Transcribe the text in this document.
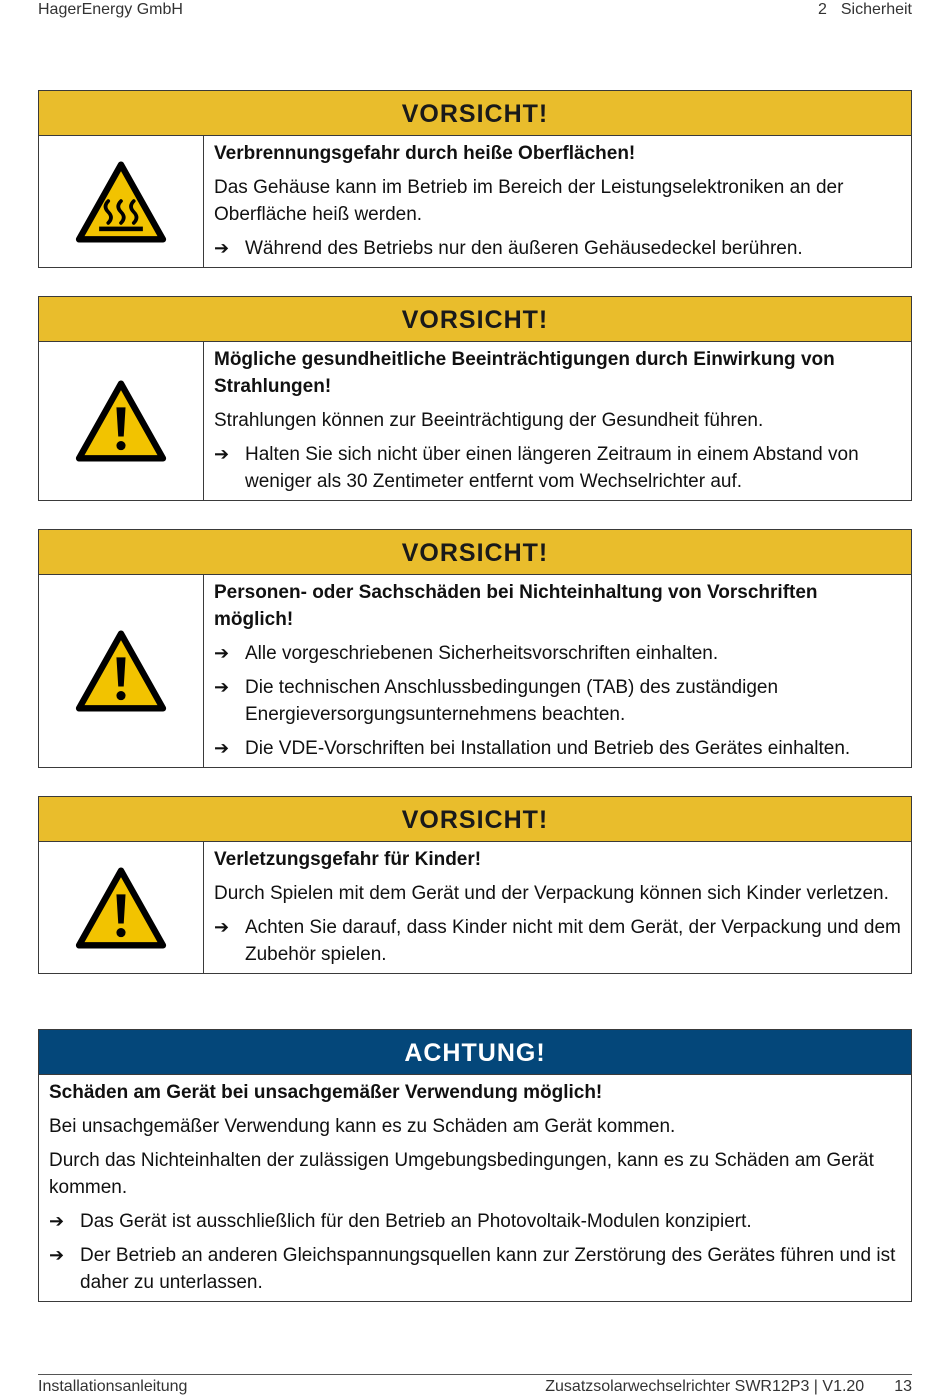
HagerEnergy GmbH	2 Sicherheit
VORSICHT!
Verbrennungsgefahr durch heiße Oberflächen!
Das Gehäuse kann im Betrieb im Bereich der Leistungselektroniken an der Oberfläche heiß werden.
➔ Während des Betriebs nur den äußeren Gehäusedeckel berühren.
VORSICHT!
Mögliche gesundheitliche Beeinträchtigungen durch Einwirkung von Strahlungen!
Strahlungen können zur Beeinträchtigung der Gesundheit führen.
➔ Halten Sie sich nicht über einen längeren Zeitraum in einem Abstand von weniger als 30 Zentimeter entfernt vom Wechselrichter auf.
VORSICHT!
Personen- oder Sachschäden bei Nichteinhaltung von Vorschriften möglich!
➔ Alle vorgeschriebenen Sicherheitsvorschriften einhalten.
➔ Die technischen Anschlussbedingungen (TAB) des zuständigen Energieversorgungsunternehmens beachten.
➔ Die VDE-Vorschriften bei Installation und Betrieb des Gerätes einhalten.
VORSICHT!
Verletzungsgefahr für Kinder!
Durch Spielen mit dem Gerät und der Verpackung können sich Kinder verletzen.
➔ Achten Sie darauf, dass Kinder nicht mit dem Gerät, der Verpackung und dem Zubehör spielen.
ACHTUNG!
Schäden am Gerät bei unsachgemäßer Verwendung möglich!
Bei unsachgemäßer Verwendung kann es zu Schäden am Gerät kommen.
Durch das Nichteinhalten der zulässigen Umgebungsbedingungen, kann es zu Schäden am Gerät kommen.
➔ Das Gerät ist ausschließlich für den Betrieb an Photovoltaik-Modulen konzipiert.
➔ Der Betrieb an anderen Gleichspannungsquellen kann zur Zerstörung des Gerätes führen und ist daher zu unterlassen.
Installationsanleitung	Zusatzsolarwechselrichter SWR12P3 | V1.20 13
